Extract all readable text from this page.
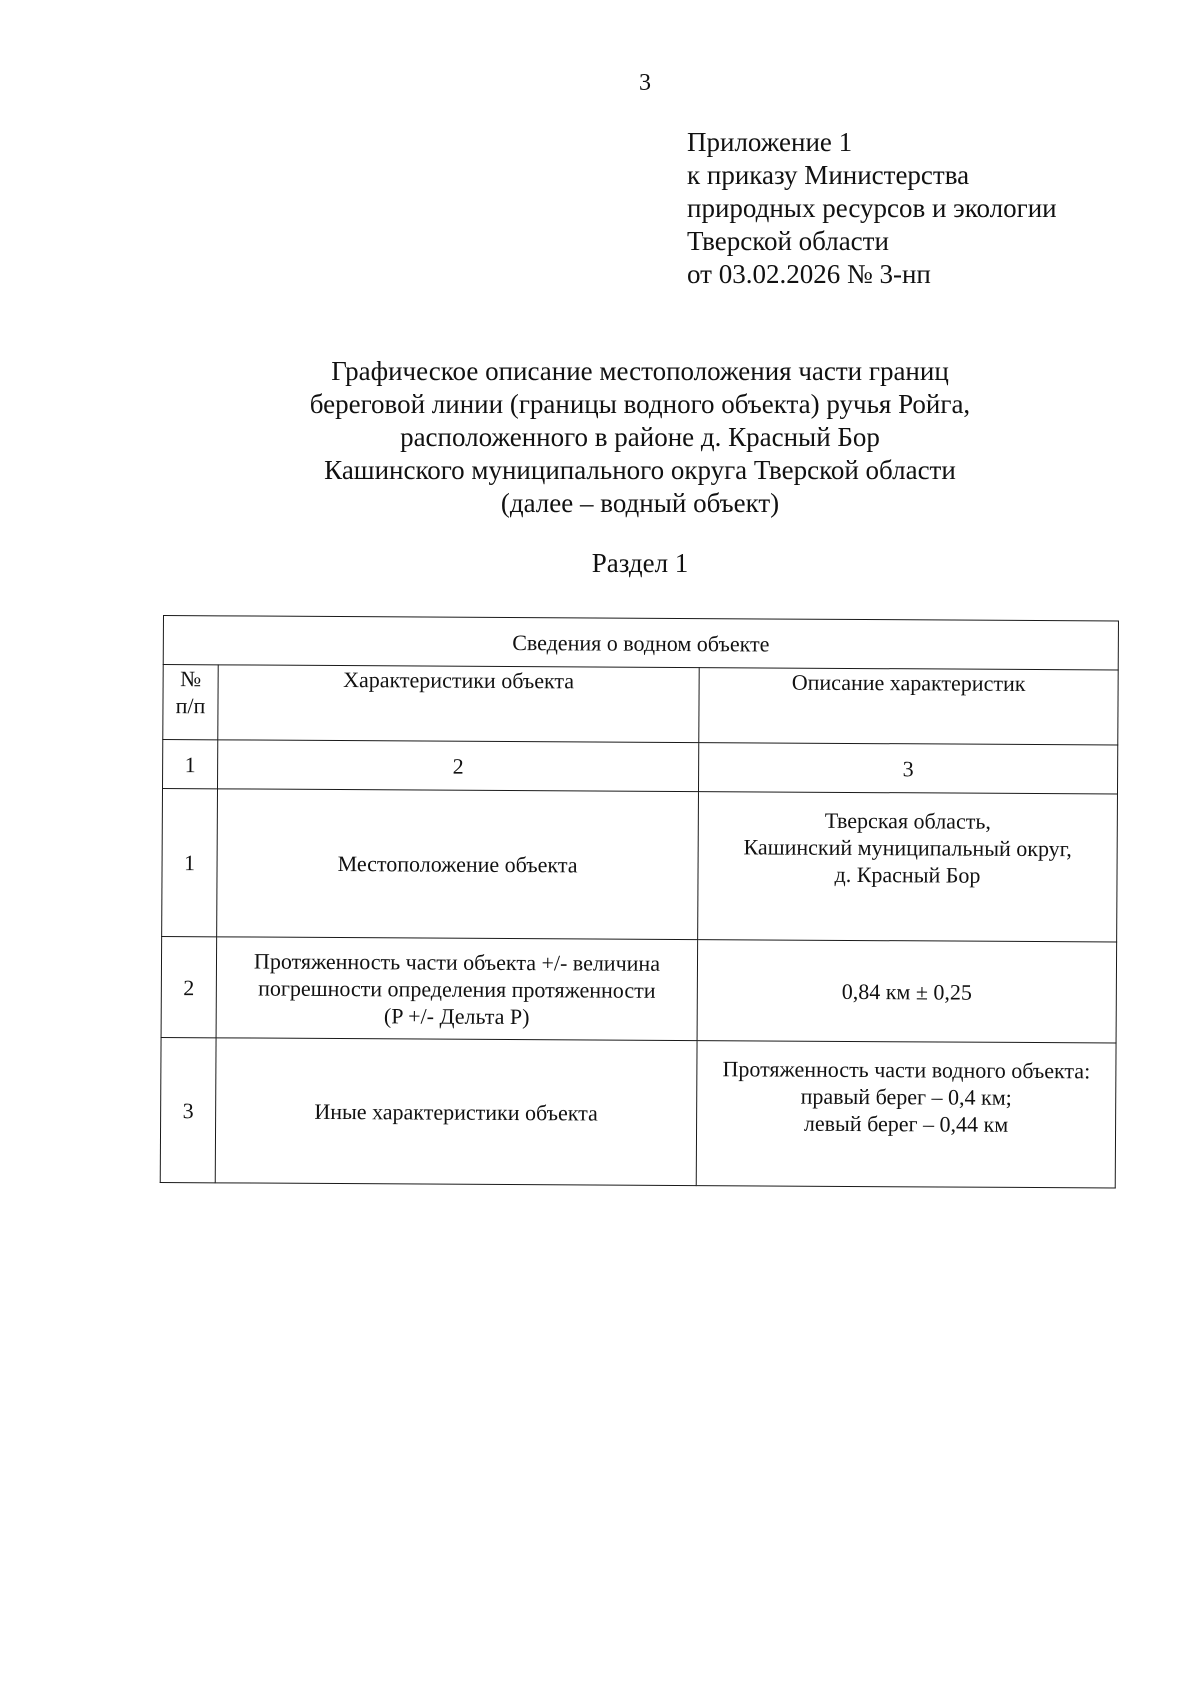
3
Приложение 1
к приказу Министерства
природных ресурсов и экологии
Тверской области
от 03.02.2026 № 3-нп
Графическое описание местоположения части границ
береговой линии (границы водного объекта) ручья Ройга,
расположенного в районе д. Красный Бор
Кашинского муниципального округа Тверской области
(далее – водный объект)
Раздел 1
Сведения о водном объекте		

№
п/п	Характеристики объекта	Описание характеристик
1	2	3
1	Местоположение объекта	Тверская область,
Кашинский муниципальный округ,
д. Красный Бор

2	Протяженность части объекта +/- величина
погрешности определения протяженности
(P +/- Дельта P)	0,84 км ± 0,25

3	Иные характеристики объекта	Протяженность части водного объекта:
правый берег – 0,4 км;
левый берег – 0,44 км
